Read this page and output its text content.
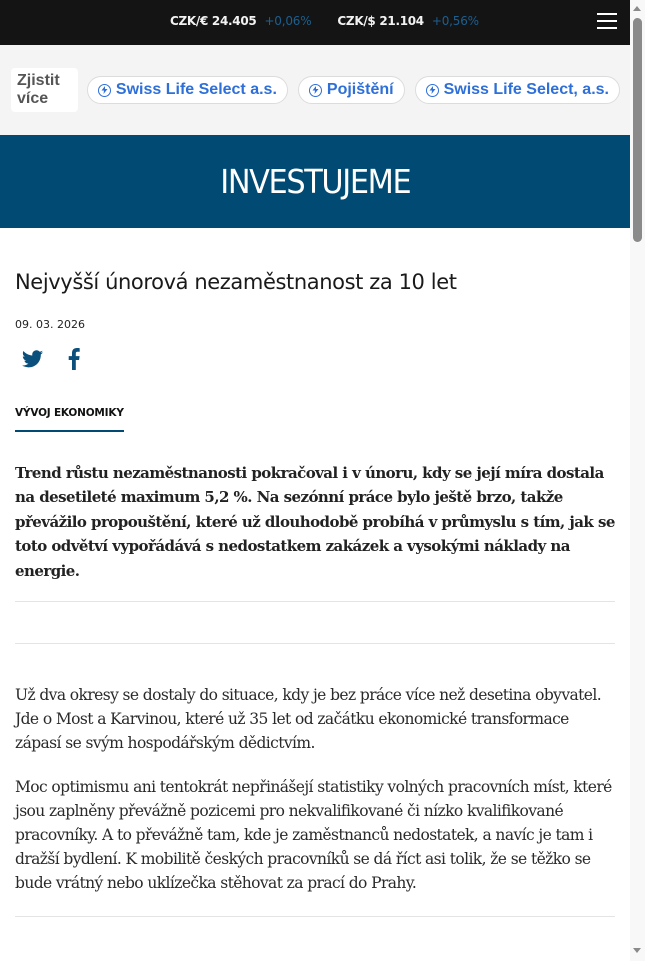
CZK/€ 24.405 +0,06% CZK/$ 21.104 +0,56%
Zjistit více
Swiss Life Select a.s.	Pojištění	Swiss Life Select, a.s.
INVESTUJEME
Nejvyšší únorová nezaměstnanost za 10 let
09. 03. 2026
VÝVOJ EKONOMIKY

Trend růstu nezaměstnanosti pokračoval i v únoru, kdy se její míra dostala na desetileté maximum 5,2 %. Na sezónní práce bylo ještě brzo, takže převážilo propouštění, které už dlouhodobě probíhá v průmyslu s tím, jak se toto odvětví vypořádává s nedostatkem zakázek a vysokými náklady na energie.

Už dva okresy se dostaly do situace, kdy je bez práce více než desetina obyvatel. Jde o Most a Karvinou, které už 35 let od začátku ekonomické transformace zápasí se svým hospodářským dědictvím.

Moc optimismu ani tentokrát nepřinášejí statistiky volných pracovních míst, které jsou zaplněny převážně pozicemi pro nekvalifikované či nízko kvalifikované pracovníky. A to převážně tam, kde je zaměstnanců nedostatek, a navíc je tam i dražší bydlení. K mobilitě českých pracovníků se dá říct asi tolik, že se těžko se bude vrátný nebo uklízečka stěhovat za prací do Prahy.
